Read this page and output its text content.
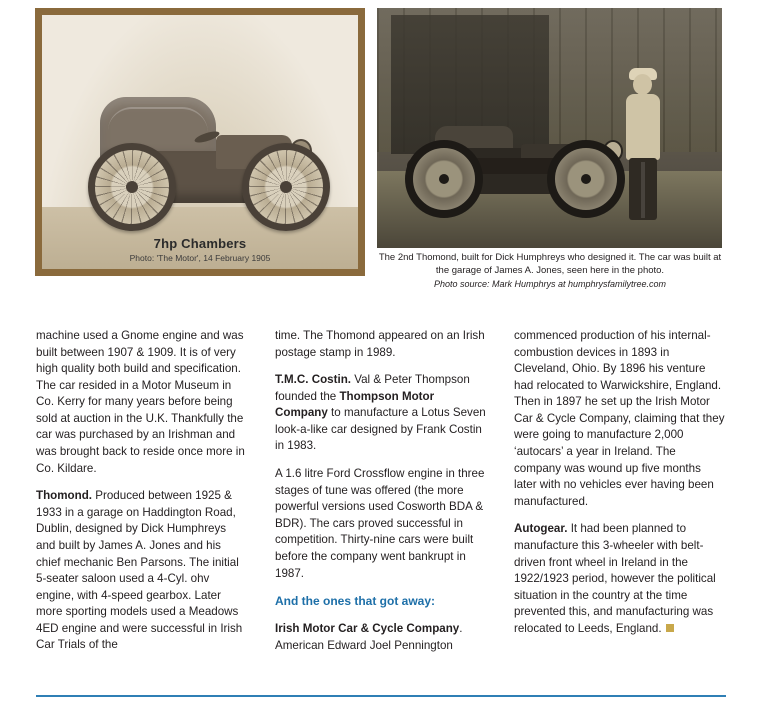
7hp Chambers
Photo: 'The Motor', 14 February 1905	The 2nd Thomond, built for Dick Humphreys who designed it. The car was built at the garage of James A. Jones, seen here in the photo.
Photo source: Mark Humphrys at humphrysfamilytree.com

machine used a Gnome engine and was built between 1907 & 1909. It is of very high quality both build and specification. The car resided in a Motor Museum in Co. Kerry for many years before being sold at auction in the U.K. Thankfully the car was purchased by an Irishman and was brought back to reside once more in Co. Kildare.

Thomond. Produced between 1925 & 1933 in a garage on Haddington Road, Dublin, designed by Dick Humphreys and built by James A. Jones and his chief mechanic Ben Parsons. The initial 5-seater saloon used a 4-Cyl. ohv engine, with 4-speed gearbox. Later more sporting models used a Meadows 4ED engine and were successful in Irish Car Trials of the

time. The Thomond appeared on an Irish postage stamp in 1989.

T.M.C. Costin. Val & Peter Thompson founded the Thompson Motor Company to manufacture a Lotus Seven look-a-like car designed by Frank Costin in 1983.

A 1.6 litre Ford Crossflow engine in three stages of tune was offered (the more powerful versions used Cosworth BDA & BDR). The cars proved successful in competition. Thirty-nine cars were built before the company went bankrupt in 1987.

And the ones that got away:

Irish Motor Car & Cycle Company. American Edward Joel Pennington

commenced production of his internal-combustion devices in 1893 in Cleveland, Ohio. By 1896 his venture had relocated to Warwickshire, England. Then in 1897 he set up the Irish Motor Car & Cycle Company, claiming that they were going to manufacture 2,000 ‘autocars’ a year in Ireland. The company was wound up five months later with no vehicles ever having been manufactured.

Autogear. It had been planned to manufacture this 3-wheeler with belt-driven front wheel in Ireland in the 1922/1923 period, however the political situation in the country at the time prevented this, and manufacturing was relocated to Leeds, England.
